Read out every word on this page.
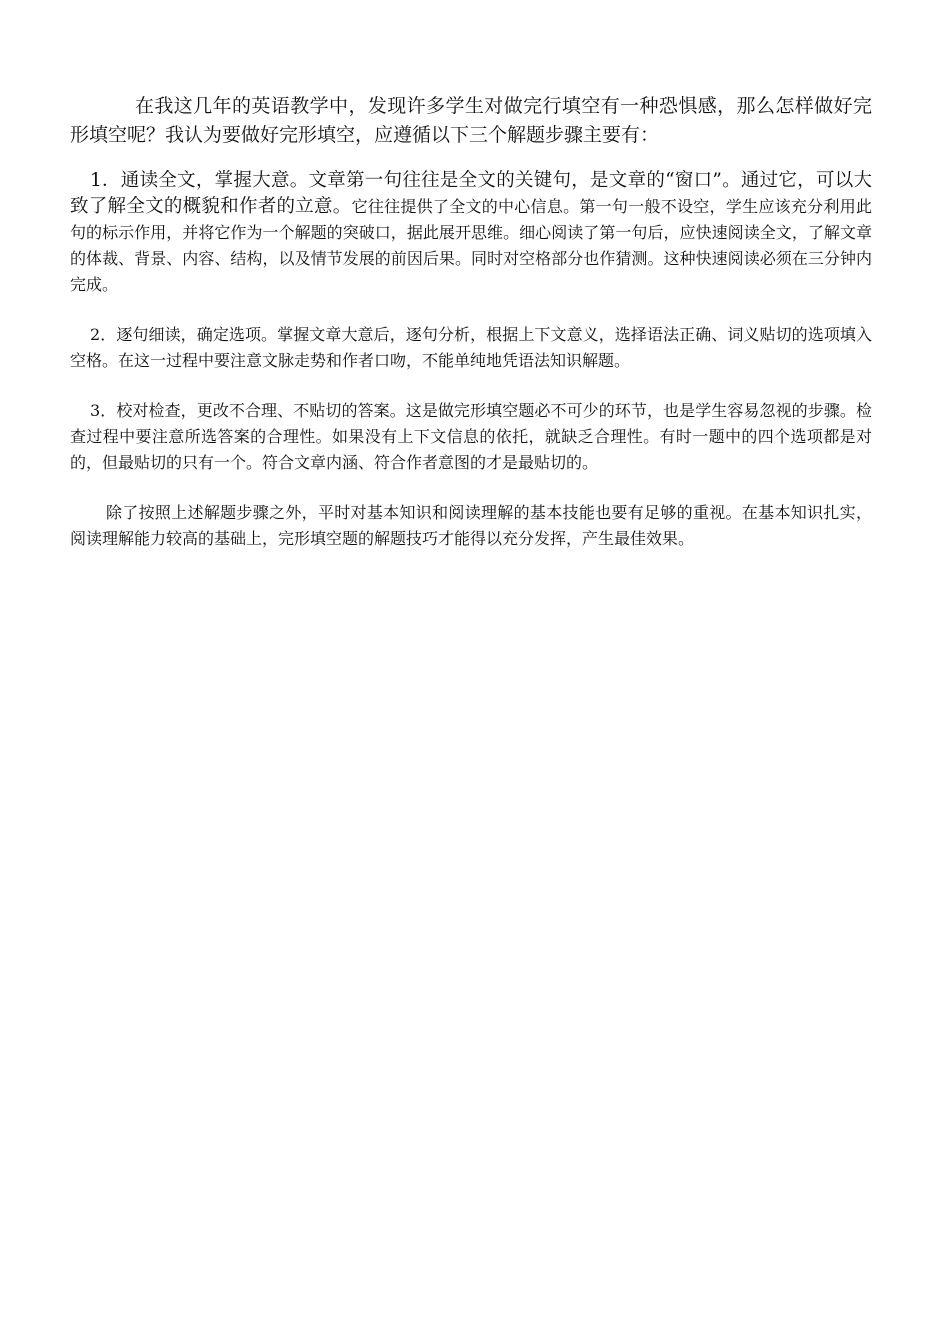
在我这几年的英语教学中，发现许多学生对做完行填空有一种恐惧感，那么怎样做好完形填空呢？我认为要做好完形填空，应遵循以下三个解题步骤主要有：

1．通读全文，掌握大意。文章第一句往往是全文的关键句，是文章的“窗口”。通过它，可以大致了解全文的概貌和作者的立意。它往往提供了全文的中心信息。第一句一般不设空，学生应该充分利用此句的标示作用，并将它作为一个解题的突破口，据此展开思维。细心阅读了第一句后，应快速阅读全文，了解文章的体裁、背景、内容、结构，以及情节发展的前因后果。同时对空格部分也作猜测。这种快速阅读必须在三分钟内完成。

2．逐句细读，确定选项。掌握文章大意后，逐句分析，根据上下文意义，选择语法正确、词义贴切的选项填入空格。在这一过程中要注意文脉走势和作者口吻，不能单纯地凭语法知识解题。

3．校对检查，更改不合理、不贴切的答案。这是做完形填空题必不可少的环节，也是学生容易忽视的步骤。检查过程中要注意所选答案的合理性。如果没有上下文信息的依托，就缺乏合理性。有时一题中的四个选项都是对的，但最贴切的只有一个。符合文章内涵、符合作者意图的才是最贴切的。

除了按照上述解题步骤之外，平时对基本知识和阅读理解的基本技能也要有足够的重视。在基本知识扎实，阅读理解能力较高的基础上，完形填空题的解题技巧才能得以充分发挥，产生最佳效果。
